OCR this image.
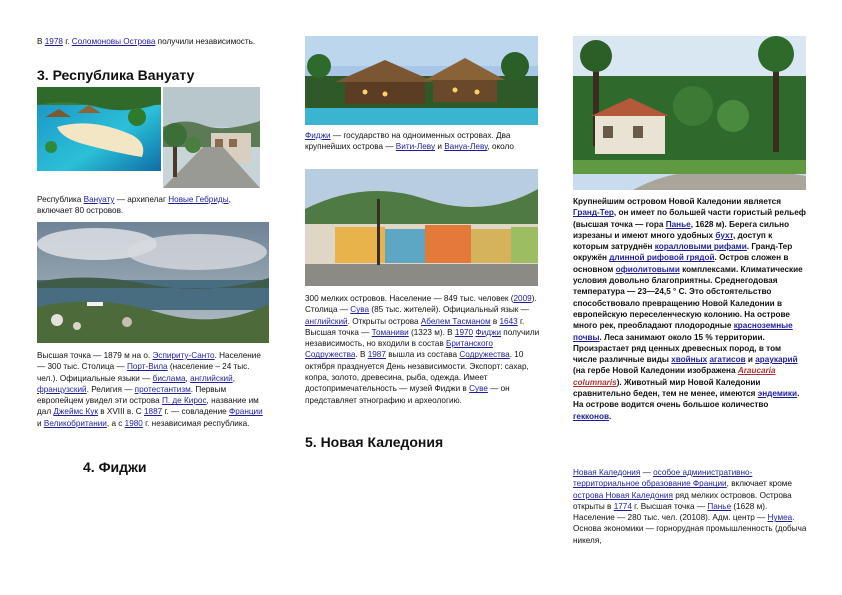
В 1978 г. Соломоновы Острова получили независимость.

3. Республика Вануату

Республика Вануату — архипелаг Новые Гебриды, включает 80 островов.

Высшая точка — 1879 м на о. Эспириту-Санто. Население — 300 тыс. Столица — Порт-Вила (население – 24 тыс. чел.). Официальные языки — бислама, английский, французский. Религия — протестантизм. Первым европейцем увидел эти острова П. де Кирос, название им дал Джеймс Кук в XVIII в. С 1887 г. — совладение Франции и Великобритании, а с 1980 г. независимая республика.

4. Фиджи

Фиджи — государство на одноименных островах. Два крупнейших острова — Вити-Леву и Вануа-Леву, около

300 мелких островов. Население — 849 тыс. человек (2009). Столица — Сува (85 тыс. жителей). Официальный язык — английский. Открыты острова Абелем Тасманом в 1643 г. Высшая точка — Томаниви (1323 м). В 1970 Фиджи получили независимость, но входили в состав Британского Содружества. В 1987 вышла из состава Содружества. 10 октября празднуется День независимости. Экспорт: сахар, копра, золото, древесина, рыба, одежда. Имеет достопримечательность — музей Фиджи в Суве — он представляет этнографию и археологию.

5. Новая Каледония

Крупнейшим островом Новой Каледонии является Гранд-Тер, он имеет по большей части гористый рельеф (высшая точка — гора Панье, 1628 м). Берега сильно изрезаны и имеют много удобных бухт, доступ к которым затруднён коралловыми рифами. Гранд-Тер окружён длинной рифовой грядой. Остров сложен в основном офиолитовыми комплексами. Климатические условия довольно благоприятны. Среднегодовая температура — 23—24,5 ° C. Это обстоятельство способствовало превращению Новой Каледонии в европейскую переселенческую колонию. На острове много рек, преобладают плодородные красноземные почвы. Леса занимают около 15 % территории. Произрастает ряд ценных древесных пород, в том числе различные виды хвойных агатисов и араукарий (на гербе Новой Каледонии изображена Araucaria columnaris). Животный мир Новой Каледонии сравнительно беден, тем не менее, имеются эндемики. На острове водится очень большое количество гекконов.

Новая Каледония — особое административно-территориальное образование Франции, включает кроме острова Новая Каледония ряд мелких островов. Острова открыты в 1774 г. Высшая точка — Панье (1628 м). Население — 280 тыс. чел. (20108). Адм. центр — Нумеа. Основа экономики — горнорудная промышленность (добыча никеля,
